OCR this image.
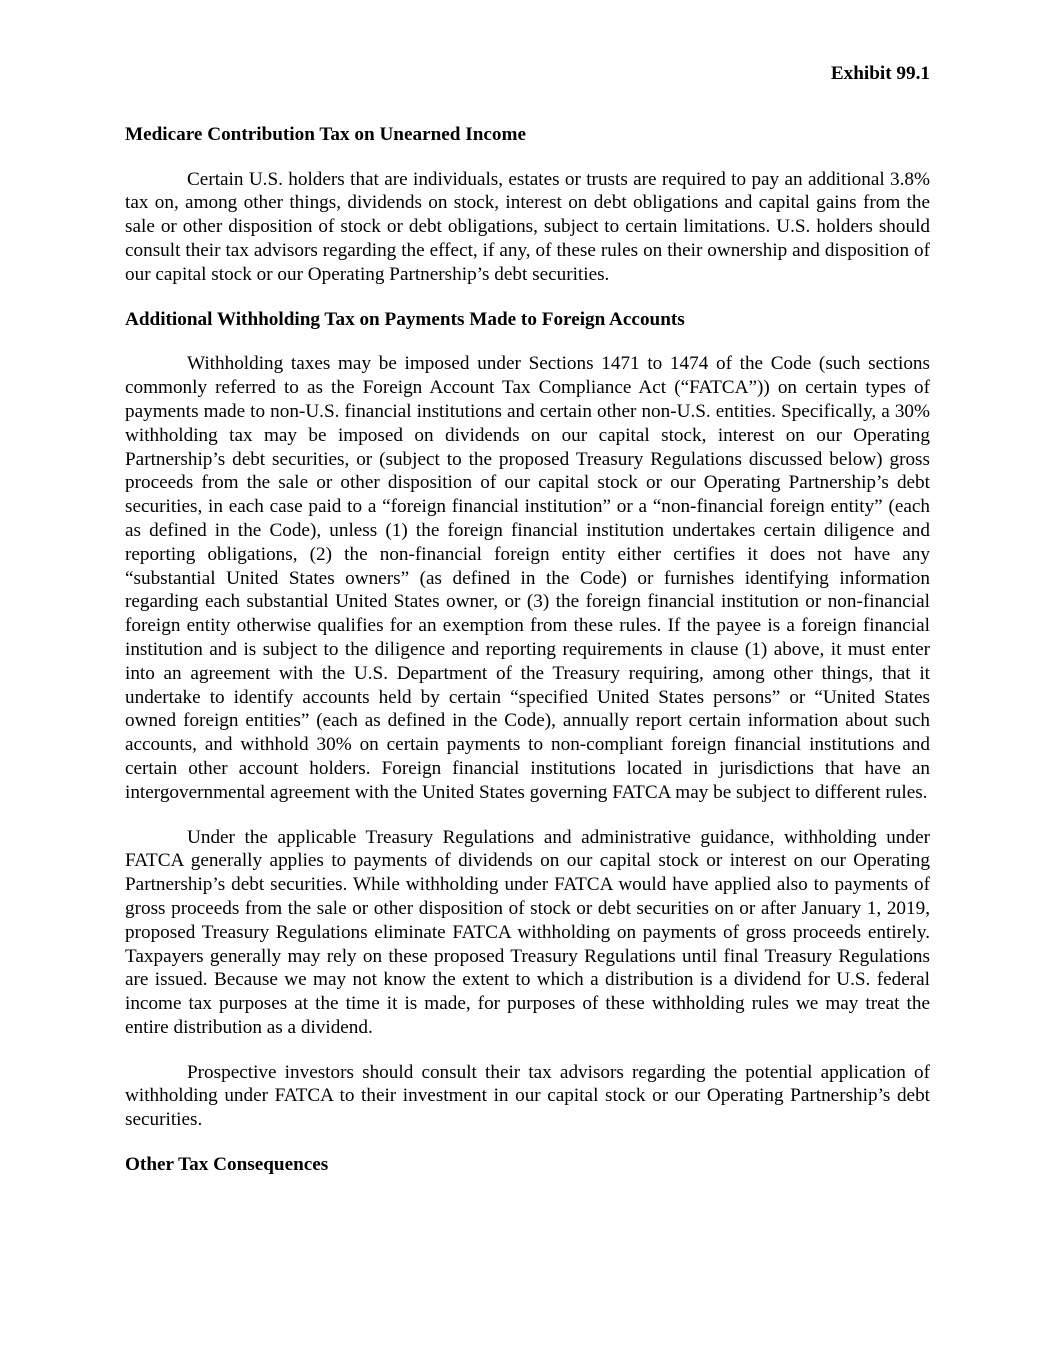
Exhibit 99.1
Medicare Contribution Tax on Unearned Income

Certain U.S. holders that are individuals, estates or trusts are required to pay an additional 3.8% tax on, among other things, dividends on stock, interest on debt obligations and capital gains from the sale or other disposition of stock or debt obligations, subject to certain limitations. U.S. holders should consult their tax advisors regarding the effect, if any, of these rules on their ownership and disposition of our capital stock or our Operating Partnership’s debt securities.

Additional Withholding Tax on Payments Made to Foreign Accounts

Withholding taxes may be imposed under Sections 1471 to 1474 of the Code (such sections commonly referred to as the Foreign Account Tax Compliance Act (“FATCA”)) on certain types of payments made to non-U.S. financial institutions and certain other non-U.S. entities. Specifically, a 30% withholding tax may be imposed on dividends on our capital stock, interest on our Operating Partnership’s debt securities, or (subject to the proposed Treasury Regulations discussed below) gross proceeds from the sale or other disposition of our capital stock or our Operating Partnership’s debt securities, in each case paid to a “foreign financial institution” or a “non-financial foreign entity” (each as defined in the Code), unless (1) the foreign financial institution undertakes certain diligence and reporting obligations, (2) the non-financial foreign entity either certifies it does not have any “substantial United States owners” (as defined in the Code) or furnishes identifying information regarding each substantial United States owner, or (3) the foreign financial institution or non-financial foreign entity otherwise qualifies for an exemption from these rules. If the payee is a foreign financial institution and is subject to the diligence and reporting requirements in clause (1) above, it must enter into an agreement with the U.S. Department of the Treasury requiring, among other things, that it undertake to identify accounts held by certain “specified United States persons” or “United States owned foreign entities” (each as defined in the Code), annually report certain information about such accounts, and withhold 30% on certain payments to non-compliant foreign financial institutions and certain other account holders. Foreign financial institutions located in jurisdictions that have an intergovernmental agreement with the United States governing FATCA may be subject to different rules.

Under the applicable Treasury Regulations and administrative guidance, withholding under FATCA generally applies to payments of dividends on our capital stock or interest on our Operating Partnership’s debt securities. While withholding under FATCA would have applied also to payments of gross proceeds from the sale or other disposition of stock or debt securities on or after January 1, 2019, proposed Treasury Regulations eliminate FATCA withholding on payments of gross proceeds entirely. Taxpayers generally may rely on these proposed Treasury Regulations until final Treasury Regulations are issued. Because we may not know the extent to which a distribution is a dividend for U.S. federal income tax purposes at the time it is made, for purposes of these withholding rules we may treat the entire distribution as a dividend.

Prospective investors should consult their tax advisors regarding the potential application of withholding under FATCA to their investment in our capital stock or our Operating Partnership’s debt securities.

Other Tax Consequences
